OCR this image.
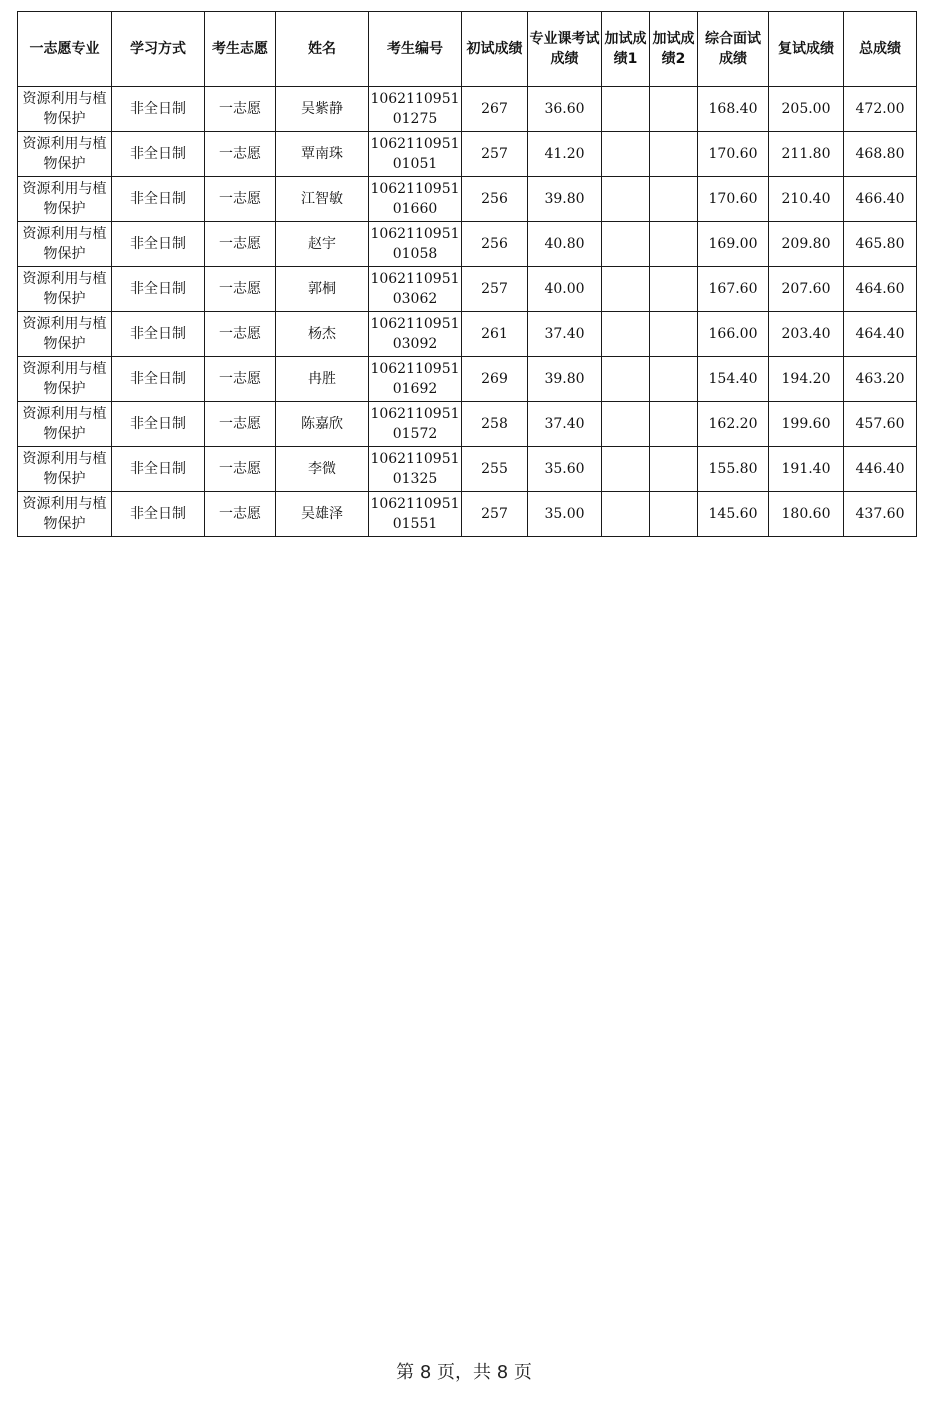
一志愿专业	学习方式	考生志愿	姓名	考生编号	初试成绩	专业课考试成绩	加试成绩1	加试成绩2	综合面试成绩	复试成绩	总成绩

资源利用与植物保护	非全日制	一志愿	吴紫静	106211095101275	267	36.60			168.40	205.00	472.00

资源利用与植物保护	非全日制	一志愿	覃南珠	106211095101051	257	41.20			170.60	211.80	468.80

资源利用与植物保护	非全日制	一志愿	江智敏	106211095101660	256	39.80			170.60	210.40	466.40

资源利用与植物保护	非全日制	一志愿	赵宇	106211095101058	256	40.80			169.00	209.80	465.80

资源利用与植物保护	非全日制	一志愿	郭桐	106211095103062	257	40.00			167.60	207.60	464.60

资源利用与植物保护	非全日制	一志愿	杨杰	106211095103092	261	37.40			166.00	203.40	464.40

资源利用与植物保护	非全日制	一志愿	冉胜	106211095101692	269	39.80			154.40	194.20	463.20

资源利用与植物保护	非全日制	一志愿	陈嘉欣	106211095101572	258	37.40			162.20	199.60	457.60

资源利用与植物保护	非全日制	一志愿	李微	106211095101325	255	35.60			155.80	191.40	446.40

资源利用与植物保护	非全日制	一志愿	吴雄泽	106211095101551	257	35.00			145.60	180.60	437.60
第 8 页，共 8 页
